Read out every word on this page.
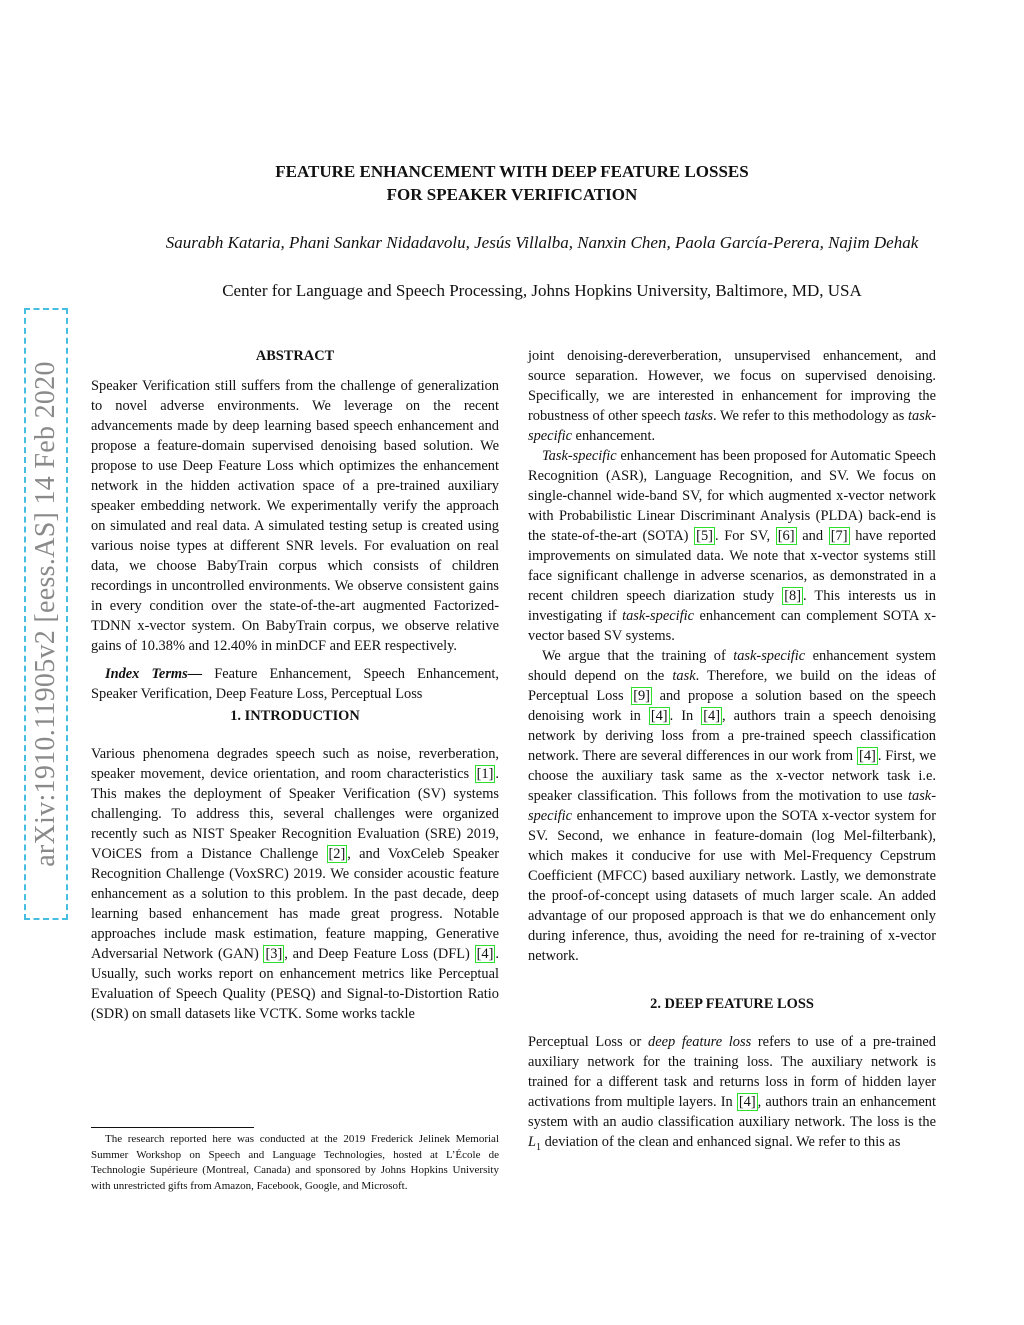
FEATURE ENHANCEMENT WITH DEEP FEATURE LOSSES
FOR SPEAKER VERIFICATION
Saurabh Kataria, Phani Sankar Nidadavolu, Jesús Villalba, Nanxin Chen, Paola García-Perera, Najim Dehak
Center for Language and Speech Processing, Johns Hopkins University, Baltimore, MD, USA
arXiv:1910.11905v2 [eess.AS] 14 Feb 2020
ABSTRACT

Speaker Verification still suffers from the challenge of generalization to novel adverse environments. We leverage on the recent advancements made by deep learning based speech enhancement and propose a feature-domain supervised denoising based solution. We propose to use Deep Feature Loss which optimizes the enhancement network in the hidden activation space of a pre-trained auxiliary speaker embedding network. We experimentally verify the approach on simulated and real data. A simulated testing setup is created using various noise types at different SNR levels. For evaluation on real data, we choose BabyTrain corpus which consists of children recordings in uncontrolled environments. We observe consistent gains in every condition over the state-of-the-art augmented Factorized-TDNN x-vector system. On BabyTrain corpus, we observe relative gains of 10.38% and 12.40% in minDCF and EER respectively.

Index Terms— Feature Enhancement, Speech Enhancement, Speaker Verification, Deep Feature Loss, Perceptual Loss

1. INTRODUCTION

Various phenomena degrades speech such as noise, reverberation, speaker movement, device orientation, and room characteristics [1] . This makes the deployment of Speaker Verification (SV) systems challenging. To address this, several challenges were organized recently such as NIST Speaker Recognition Evaluation (SRE) 2019, VOiCES from a Distance Challenge [2] , and VoxCeleb Speaker Recognition Challenge (VoxSRC) 2019. We consider acoustic feature enhancement as a solution to this problem. In the past decade, deep learning based enhancement has made great progress. Notable approaches include mask estimation, feature mapping, Generative Adversarial Network (GAN) [3] , and Deep Feature Loss (DFL) [4] . Usually, such works report on enhancement metrics like Perceptual Evaluation of Speech Quality (PESQ) and Signal-to-Distortion Ratio (SDR) on small datasets like VCTK. Some works tackle

joint denoising-dereverberation, unsupervised enhancement, and source separation. However, we focus on supervised denoising. Specifically, we are interested in enhancement for improving the robustness of other speech tasks. We refer to this methodology as task-specific enhancement.

Task-specific enhancement has been proposed for Automatic Speech Recognition (ASR), Language Recognition, and SV. We focus on single-channel wide-band SV, for which augmented x-vector network with Probabilistic Linear Discriminant Analysis (PLDA) back-end is the state-of-the-art (SOTA) [5] . For SV, [6] and [7] have reported improvements on simulated data. We note that x-vector systems still face significant challenge in adverse scenarios, as demonstrated in a recent children speech diarization study [8] . This interests us in investigating if task-specific enhancement can complement SOTA x-vector based SV systems.

We argue that the training of task-specific enhancement system should depend on the task. Therefore, we build on the ideas of Perceptual Loss [9] and propose a solution based on the speech denoising work in [4] . In [4] , authors train a speech denoising network by deriving loss from a pre-trained speech classification network. There are several differences in our work from [4] . First, we choose the auxiliary task same as the x-vector network task i.e. speaker classification. This follows from the motivation to use task-specific enhancement to improve upon the SOTA x-vector system for SV. Second, we enhance in feature-domain (log Mel-filterbank), which makes it conducive for use with Mel-Frequency Cepstrum Coefficient (MFCC) based auxiliary network. Lastly, we demonstrate the proof-of-concept using datasets of much larger scale. An added advantage of our proposed approach is that we do enhancement only during inference, thus, avoiding the need for re-training of x-vector network.

2. DEEP FEATURE LOSS

Perceptual Loss or deep feature loss refers to use of a pre-trained auxiliary network for the training loss. The auxiliary network is trained for a different task and returns loss in form of hidden layer activations from multiple layers. In [4] , authors train an enhancement system with an audio classification auxiliary network. The loss is the $L_1$ deviation of the clean and enhanced signal. We refer to this as

The research reported here was conducted at the 2019 Frederick Jelinek Memorial Summer Workshop on Speech and Language Technologies, hosted at L’École de Technologie Supérieure (Montreal, Canada) and sponsored by Johns Hopkins University with unrestricted gifts from Amazon, Facebook, Google, and Microsoft.
